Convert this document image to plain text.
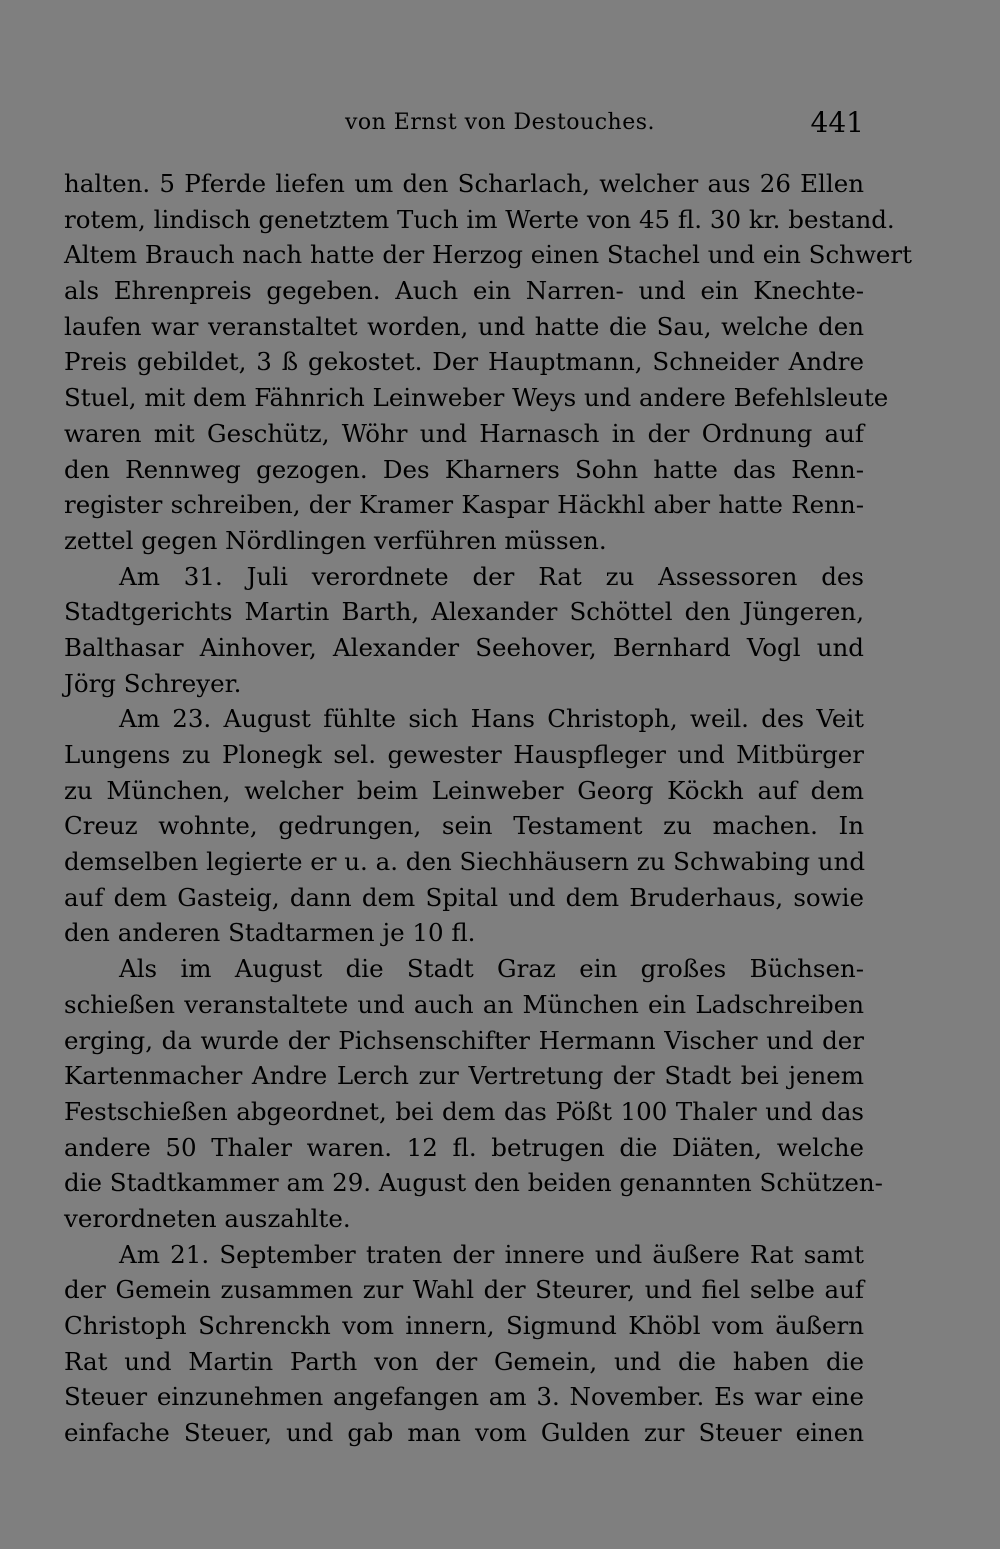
von Ernst von Destouches.	441
halten. 5 Pferde liefen um den Scharlach, welcher aus 26 Ellen
rotem, lindisch genetztem Tuch im Werte von 45 fl. 30 kr. bestand.
Altem Brauch nach hatte der Herzog einen Stachel und ein Schwert
als Ehrenpreis gegeben. Auch ein Narren- und ein Knechte-
laufen war veranstaltet worden, und hatte die Sau, welche den
Preis gebildet, 3 ß gekostet. Der Hauptmann, Schneider Andre
Stuel, mit dem Fähnrich Leinweber Weys und andere Befehlsleute
waren mit Geschütz, Wöhr und Harnasch in der Ordnung auf
den Rennweg gezogen. Des Kharners Sohn hatte das Renn-
register schreiben, der Kramer Kaspar Häckhl aber hatte Renn-
zettel gegen Nördlingen verführen müssen.
Am 31. Juli verordnete der Rat zu Assessoren des
Stadtgerichts Martin Barth, Alexander Schöttel den Jüngeren,
Balthasar Ainhover, Alexander Seehover, Bernhard Vogl und
Jörg Schreyer.
Am 23. August fühlte sich Hans Christoph, weil. des Veit
Lungens zu Plonegk sel. gewester Hauspfleger und Mitbürger
zu München, welcher beim Leinweber Georg Köckh auf dem
Creuz wohnte, gedrungen, sein Testament zu machen. In
demselben legierte er u. a. den Siechhäusern zu Schwabing und
auf dem Gasteig, dann dem Spital und dem Bruderhaus, sowie
den anderen Stadtarmen je 10 fl.
Als im August die Stadt Graz ein großes Büchsen-
schießen veranstaltete und auch an München ein Ladschreiben
erging, da wurde der Pichsenschifter Hermann Vischer und der
Kartenmacher Andre Lerch zur Vertretung der Stadt bei jenem
Festschießen abgeordnet, bei dem das Pößt 100 Thaler und das
andere 50 Thaler waren. 12 fl. betrugen die Diäten, welche
die Stadtkammer am 29. August den beiden genannten Schützen-
verordneten auszahlte.
Am 21. September traten der innere und äußere Rat samt
der Gemein zusammen zur Wahl der Steurer, und fiel selbe auf
Christoph Schrenckh vom innern, Sigmund Khöbl vom äußern
Rat und Martin Parth von der Gemein, und die haben die
Steuer einzunehmen angefangen am 3. November. Es war eine
einfache Steuer, und gab man vom Gulden zur Steuer einen
